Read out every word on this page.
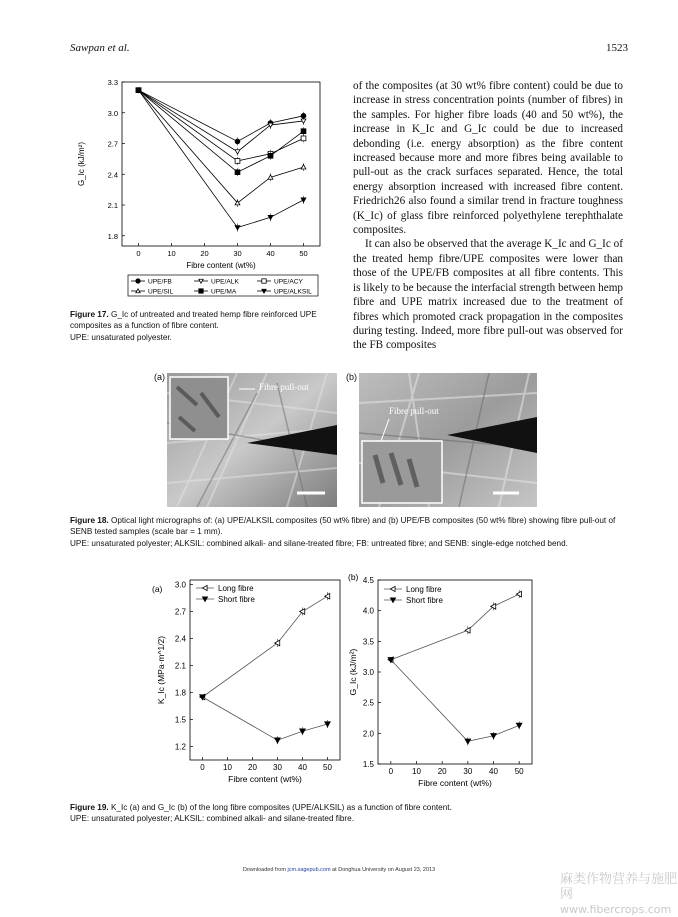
Sawpan et al.	1523
0	10	20	30	40	50
1.8
2.1
2.4
2.7
3.0
3.3
Fibre content (wt%)
G_Ic (kJ/m²)
UPE/FB	UPE/ALK	UPE/ACY
UPE/SIL	UPE/MA	UPE/ALKSIL
Figure 17. G_Ic of untreated and treated hemp fibre reinforced UPE composites as a function of fibre content.
UPE: unsaturated polyester.

of the composites (at 30 wt% fibre content) could be due to increase in stress concentration points (number of fibres) in the samples. For higher fibre loads (40 and 50 wt%), the increase in K_Ic and G_Ic could be due to increased debonding (i.e. energy absorption) as the fibre content increased because more and more fibres being available to pull-out as the crack surfaces separated. Hence, the total energy absorption increased with increased fibre content. Friedrich26 also found a similar trend in fracture toughness (K_Ic) of glass fibre reinforced polyethylene terephthalate composites.

It can also be observed that the average K_Ic and G_Ic of the treated hemp fibre/UPE composites were lower than those of the UPE/FB composites at all fibre contents. This is likely to be because the interfacial strength between hemp fibre and UPE matrix increased due to the treatment of fibres which promoted crack propagation in the composites during testing. Indeed, more fibre pull-out was observed for the FB composites

(a)
Fibre pull-out
(b)
Fibre pull-out
Figure 18. Optical light micrographs of: (a) UPE/ALKSIL composites (50 wt% fibre) and (b) UPE/FB composites (50 wt% fibre) showing fibre pull-out of SENB tested samples (scale bar = 1 mm).
UPE: unsaturated polyester; ALKSIL: combined alkali- and silane-treated fibre; FB: untreated fibre; and SENB: single-edge notched bend.
0 10 20 30 40 50
1.2
1.5
1.8
2.1
2.4
2.7
3.0
Fibre content (wt%)
K_Ic (MPa·m^1/2)
(a)	Long fibre
Short fibre
0 10 20 30 40 50
1.5
2.0
2.5
3.0
3.5
4.0
4.5
Fibre content (wt%)
G_Ic (kJ/m²)
(b)
Long fibre
Short fibre
Figure 19. K_Ic (a) and G_Ic (b) of the long fibre composites (UPE/ALKSIL) as a function of fibre content.
UPE: unsaturated polyester; ALKSIL: combined alkali- and silane-treated fibre.
Downloaded from jcm.sagepub.com at Donghua University on August 23, 2013
麻类作物营养与施肥网
www.fibercrops.com
